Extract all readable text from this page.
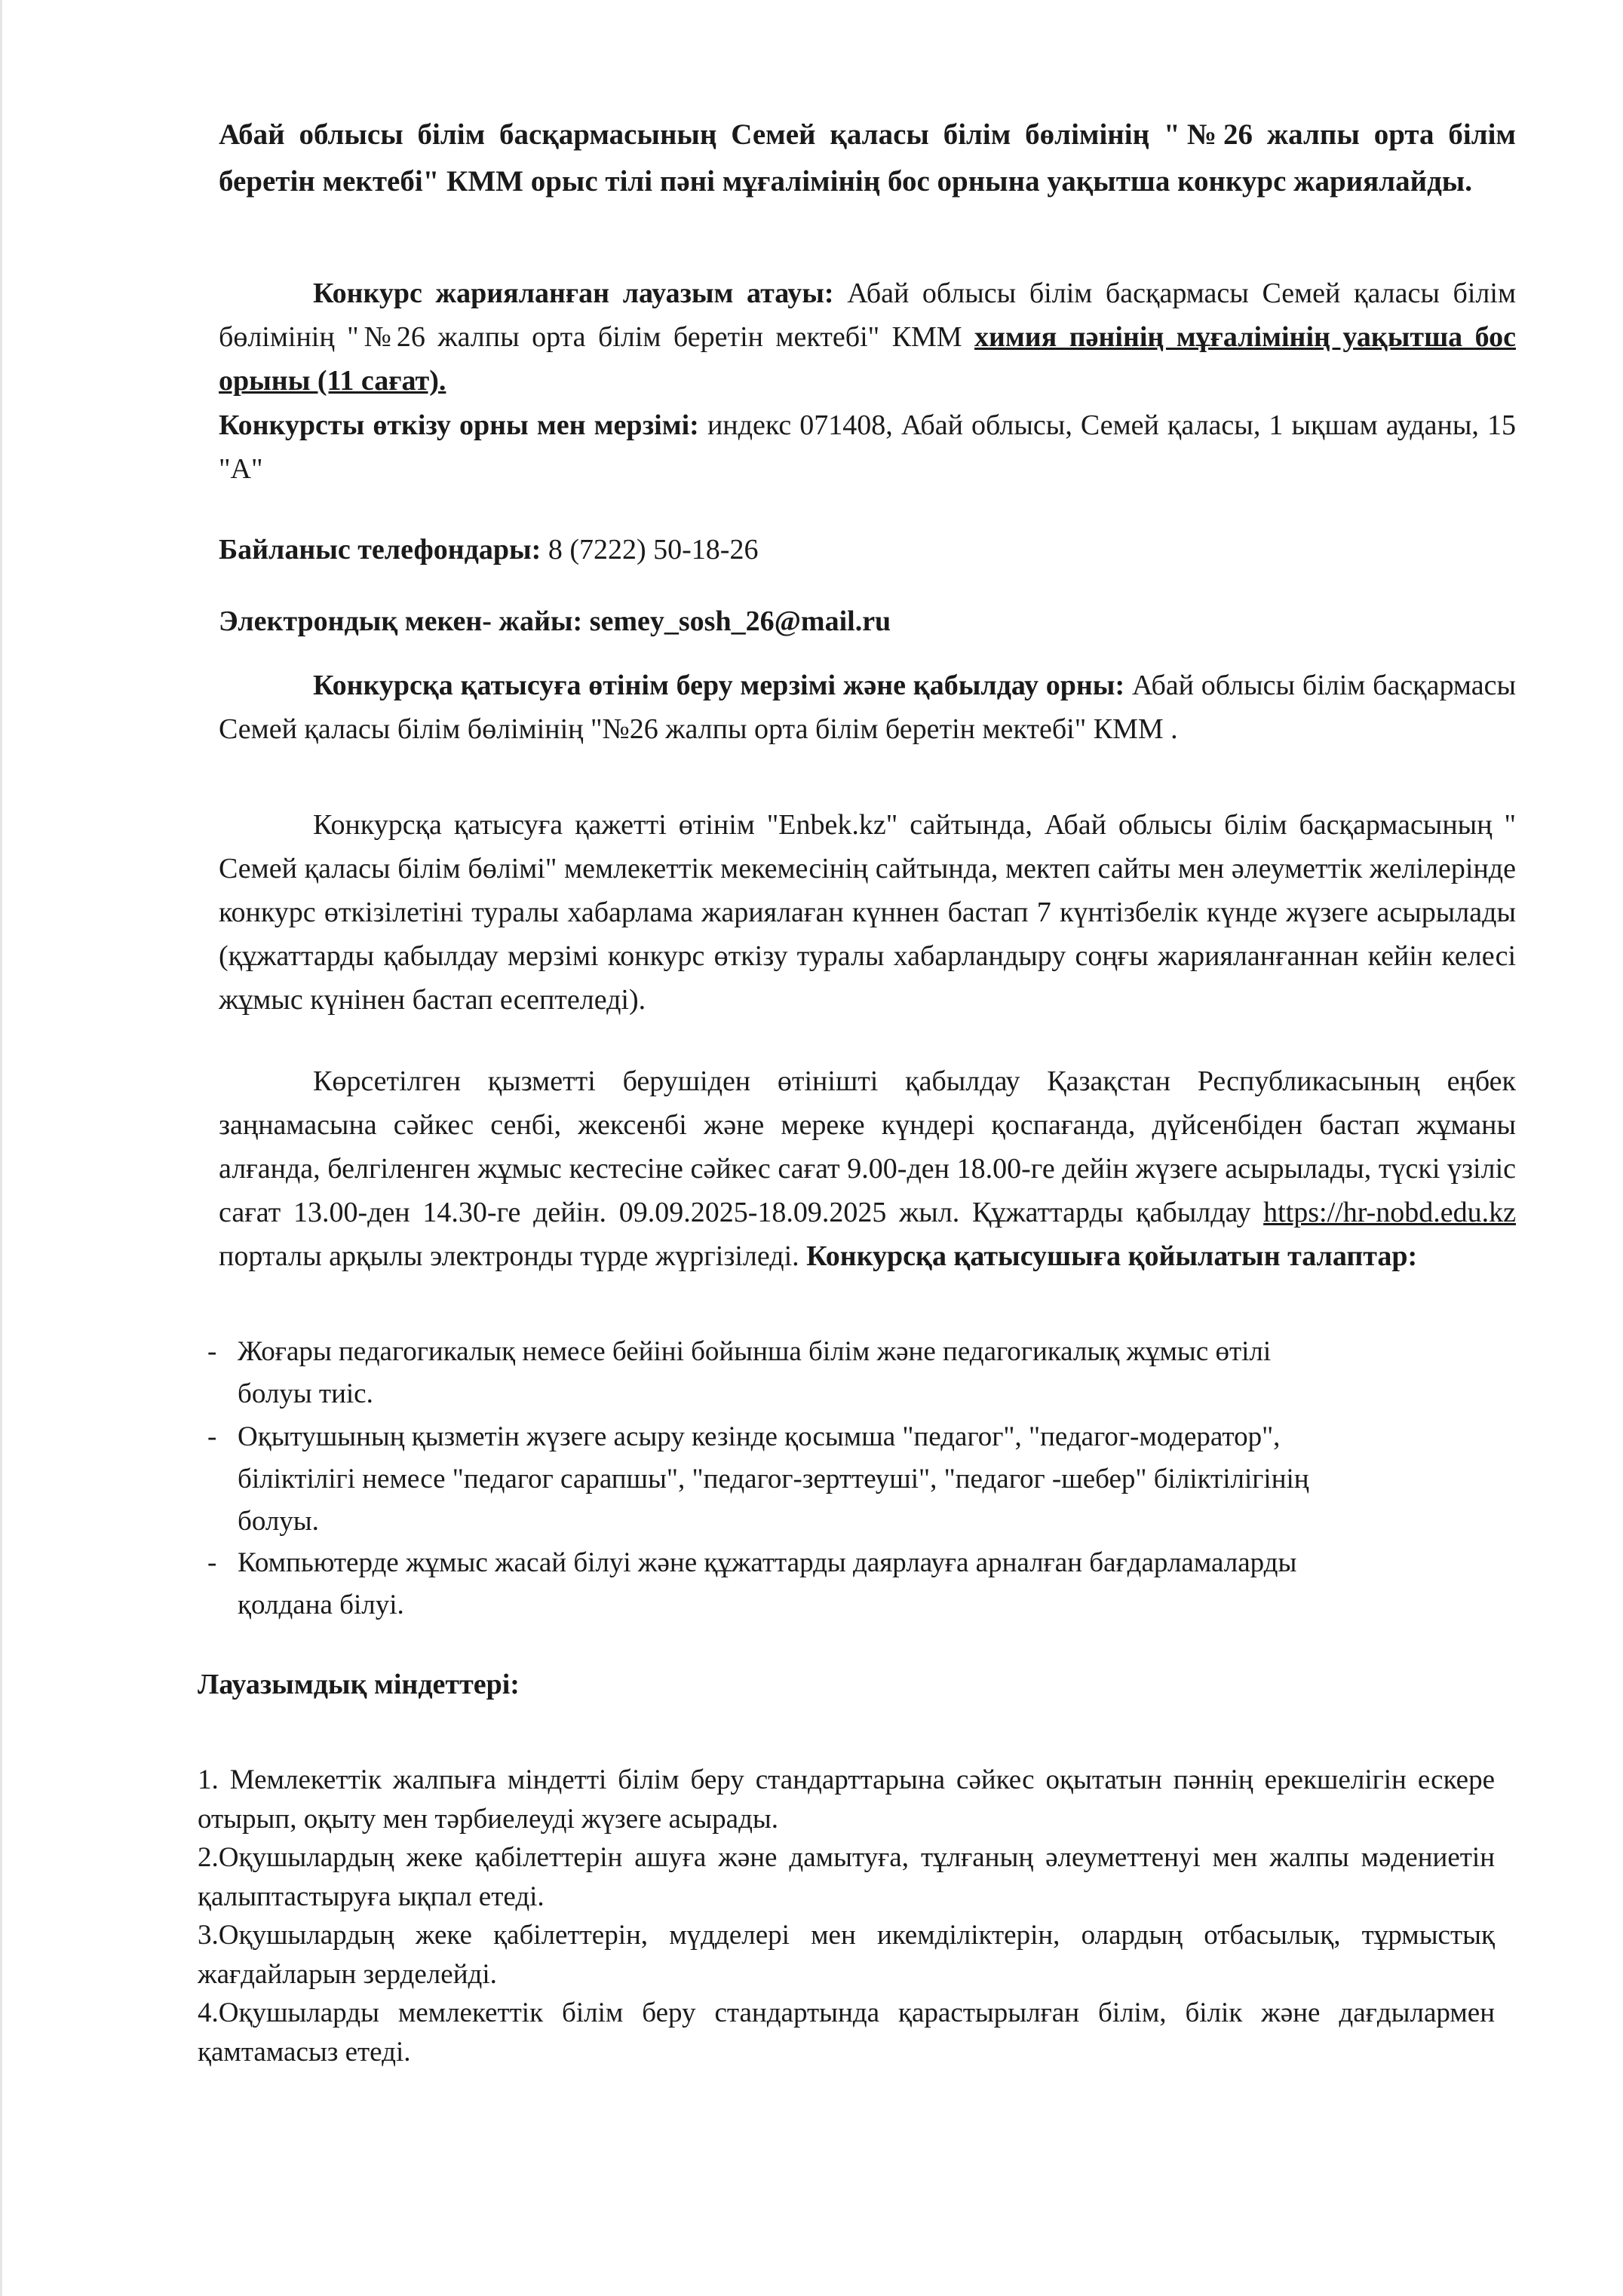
Абай облысы білім басқармасының Семей қаласы білім бөлімінің "№26 жалпы орта білім беретін мектебі" КММ орыс тілі пәні мұғалімінің бос орнына уақытша конкурс жариялайды.
Конкурс жарияланған лауазым атауы: Абай облысы білім басқармасы Семей қаласы білім бөлімінің "№26 жалпы орта білім беретін мектебі" КММ химия пәнінің мұғалімінің уақытша бос орыны (11 сағат).
Конкурсты өткізу орны мен мерзімі: индекс 071408, Абай облысы, Семей қаласы, 1 ықшам ауданы, 15 "А"
Байланыс телефондары: 8 (7222) 50-18-26
Электрондық мекен- жайы: semey_sosh_26@mail.ru
Конкурсқа қатысуға өтінім беру мерзімі және қабылдау орны: Абай облысы білім басқармасы Семей қаласы білім бөлімінің "№26 жалпы орта білім беретін мектебі" КММ .
Конкурсқа қатысуға қажетті өтінім "Enbek.kz" сайтында, Абай облысы білім басқармасының " Семей қаласы білім бөлімі" мемлекеттік мекемесінің сайтында, мектеп сайты мен әлеуметтік желілерінде конкурс өткізілетіні туралы хабарлама жариялаған күннен бастап 7 күнтізбелік күнде жүзеге асырылады (құжаттарды қабылдау мерзімі конкурс өткізу туралы хабарландыру соңғы жарияланғаннан кейін келесі жұмыс күнінен бастап есептеледі).
Көрсетілген қызметті берушіден өтінішті қабылдау Қазақстан Республикасының еңбек заңнамасына сәйкес сенбі, жексенбі және мереке күндері қоспағанда, дүйсенбіден бастап жұманы алғанда, белгіленген жұмыс кестесіне сәйкес сағат 9.00-ден 18.00-ге дейін жүзеге асырылады, түскі үзіліс сағат 13.00-ден 14.30-ге дейін. 09.09.2025-18.09.2025 жыл. Құжаттарды қабылдау https://hr-nobd.edu.kz порталы арқылы электронды түрде жүргізіледі. Конкурсқа қатысушыға қойылатын талаптар:
- Жоғары педагогикалық немесе бейіні бойынша білім және педагогикалық жұмыс өтілі болуы тиіс.
- Оқытушының қызметін жүзеге асыру кезінде қосымша "педагог", "педагог-модератор", біліктілігі немесе "педагог сарапшы", "педагог-зерттеуші", "педагог -шебер" біліктілігінің болуы.
- Компьютерде жұмыс жасай білуі және құжаттарды даярлауға арналған бағдарламаларды қолдана білуі.
Лауазымдық міндеттері:
1. Мемлекеттік жалпыға міндетті білім беру стандарттарына сәйкес оқытатын пәннің ерекшелігін ескере отырып, оқыту мен тәрбиелеуді жүзеге асырады.
2.Оқушылардың жеке қабілеттерін ашуға және дамытуға, тұлғаның әлеуметтенуі мен жалпы мәдениетін қалыптастыруға ықпал етеді.
3.Оқушылардың жеке қабілеттерін, мүдделері мен икемділіктерін, олардың отбасылық, тұрмыстық жағдайларын зерделейді.
4.Оқушыларды мемлекеттік білім беру стандартында қарастырылған білім, білік және дағдылармен қамтамасыз етеді.
